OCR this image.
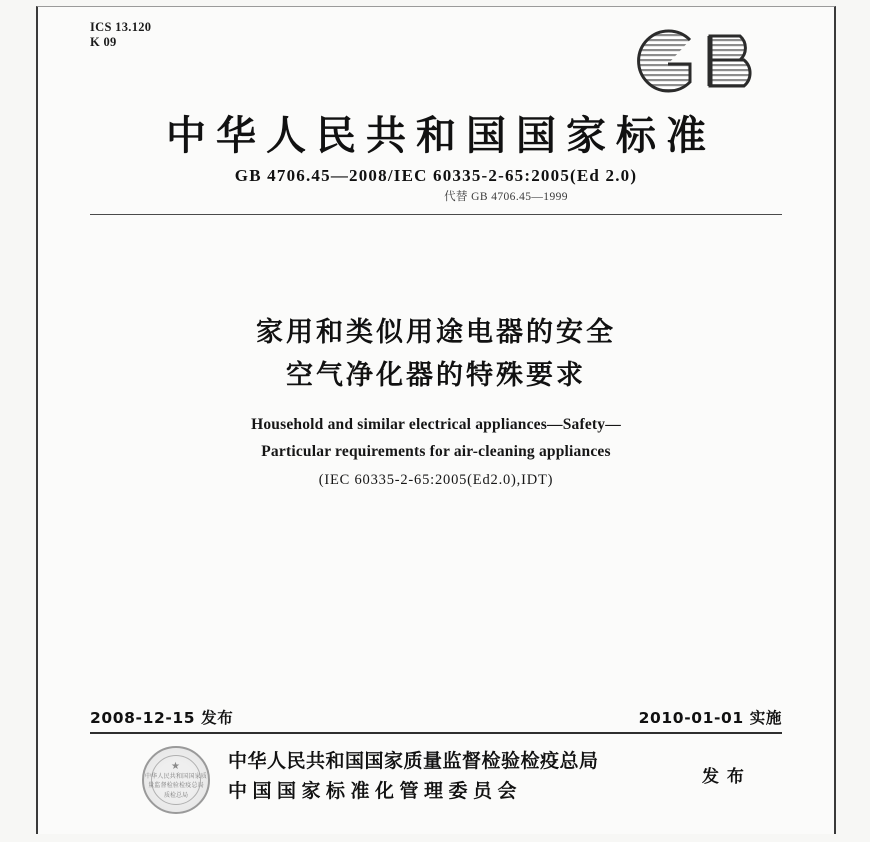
ICS 13.120
K 09
中华人民共和国国家标准
GB 4706.45—2008/IEC 60335-2-65:2005(Ed 2.0)
代替 GB 4706.45—1999
家用和类似用途电器的安全
空气净化器的特殊要求
Household and similar electrical appliances—Safety—
Particular requirements for air-cleaning appliances
(IEC 60335-2-65:2005(Ed2.0),IDT)
2008-12-15 发布	2010-01-01 实施
★
中华人民共和国国家质量监督检验检疫总局
质检总局
中华人民共和国国家质量监督检验检疫总局
中国国家标准化管理委员会
发 布
